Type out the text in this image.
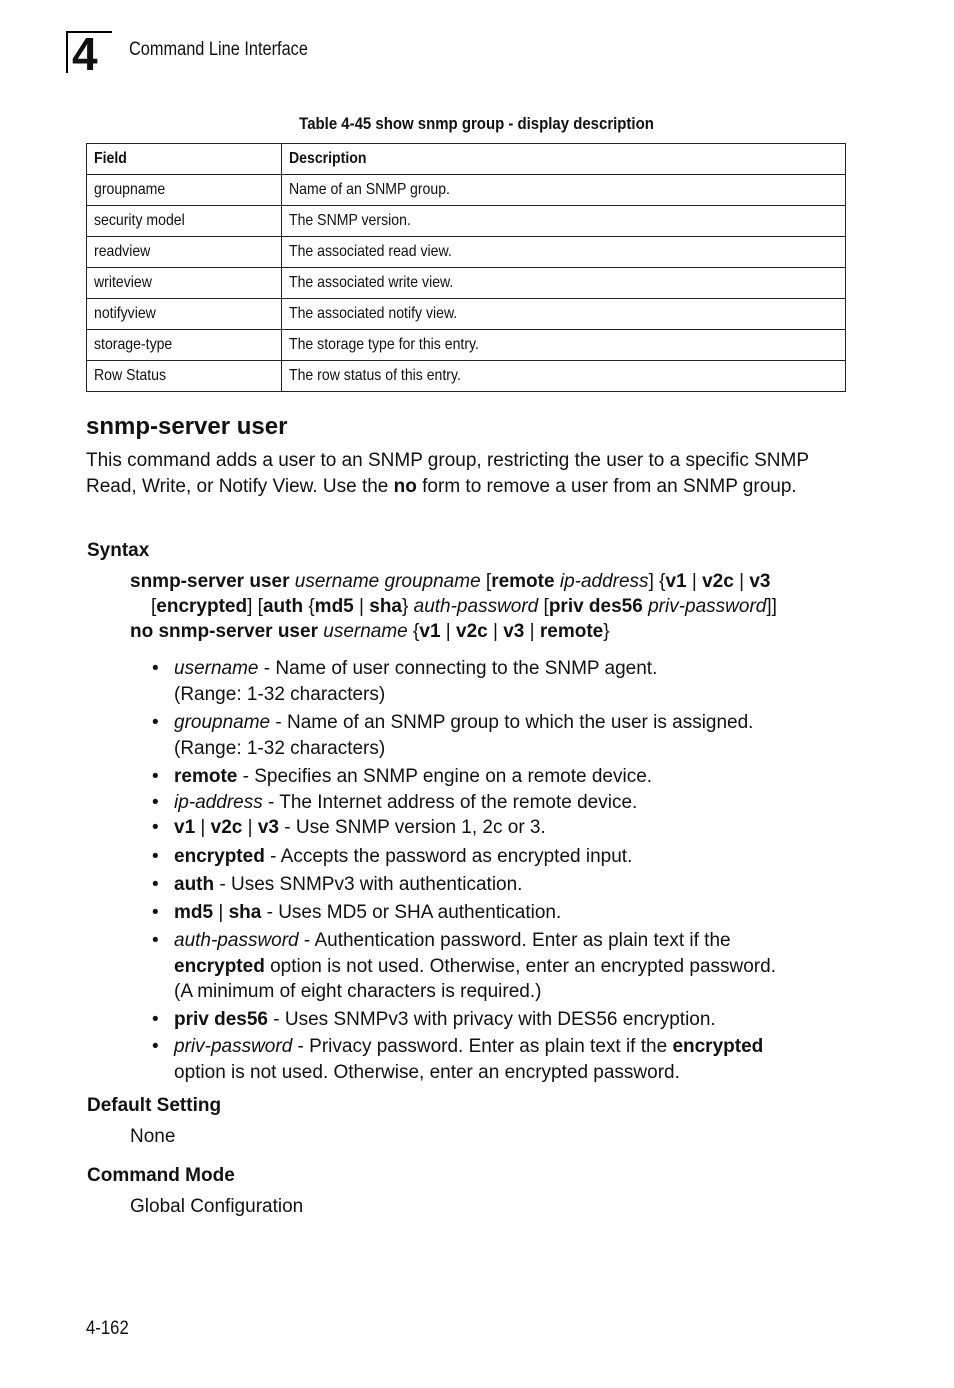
4 Command Line Interface
Table 4-45 show snmp group - display description
Field	Description
groupname	Name of an SNMP group.
security model	The SNMP version.
readview	The associated read view.
writeview	The associated write view.
notifyview	The associated notify view.
storage-type	The storage type for this entry.
Row Status	The row status of this entry.
snmp-server user
This command adds a user to an SNMP group, restricting the user to a specific SNMP Read, Write, or Notify View. Use the no form to remove a user from an SNMP group.
Syntax
snmp-server user username groupname [remote ip-address] {v1 | v2c | v3
[encrypted] [auth {md5 | sha} auth-password [priv des56 priv-password]]
no snmp-server user username {v1 | v2c | v3 | remote}
• username - Name of user connecting to the SNMP agent.
(Range: 1-32 characters)
• groupname - Name of an SNMP group to which the user is assigned.
(Range: 1-32 characters)
• remote - Specifies an SNMP engine on a remote device.
• ip-address - The Internet address of the remote device.
• v1 | v2c | v3 - Use SNMP version 1, 2c or 3.
• encrypted - Accepts the password as encrypted input.
• auth - Uses SNMPv3 with authentication.
• md5 | sha - Uses MD5 or SHA authentication.
• auth-password - Authentication password. Enter as plain text if the
encrypted option is not used. Otherwise, enter an encrypted password.
(A minimum of eight characters is required.)
• priv des56 - Uses SNMPv3 with privacy with DES56 encryption.
• priv-password - Privacy password. Enter as plain text if the encrypted
option is not used. Otherwise, enter an encrypted password.
Default Setting
None
Command Mode
Global Configuration
4-162
